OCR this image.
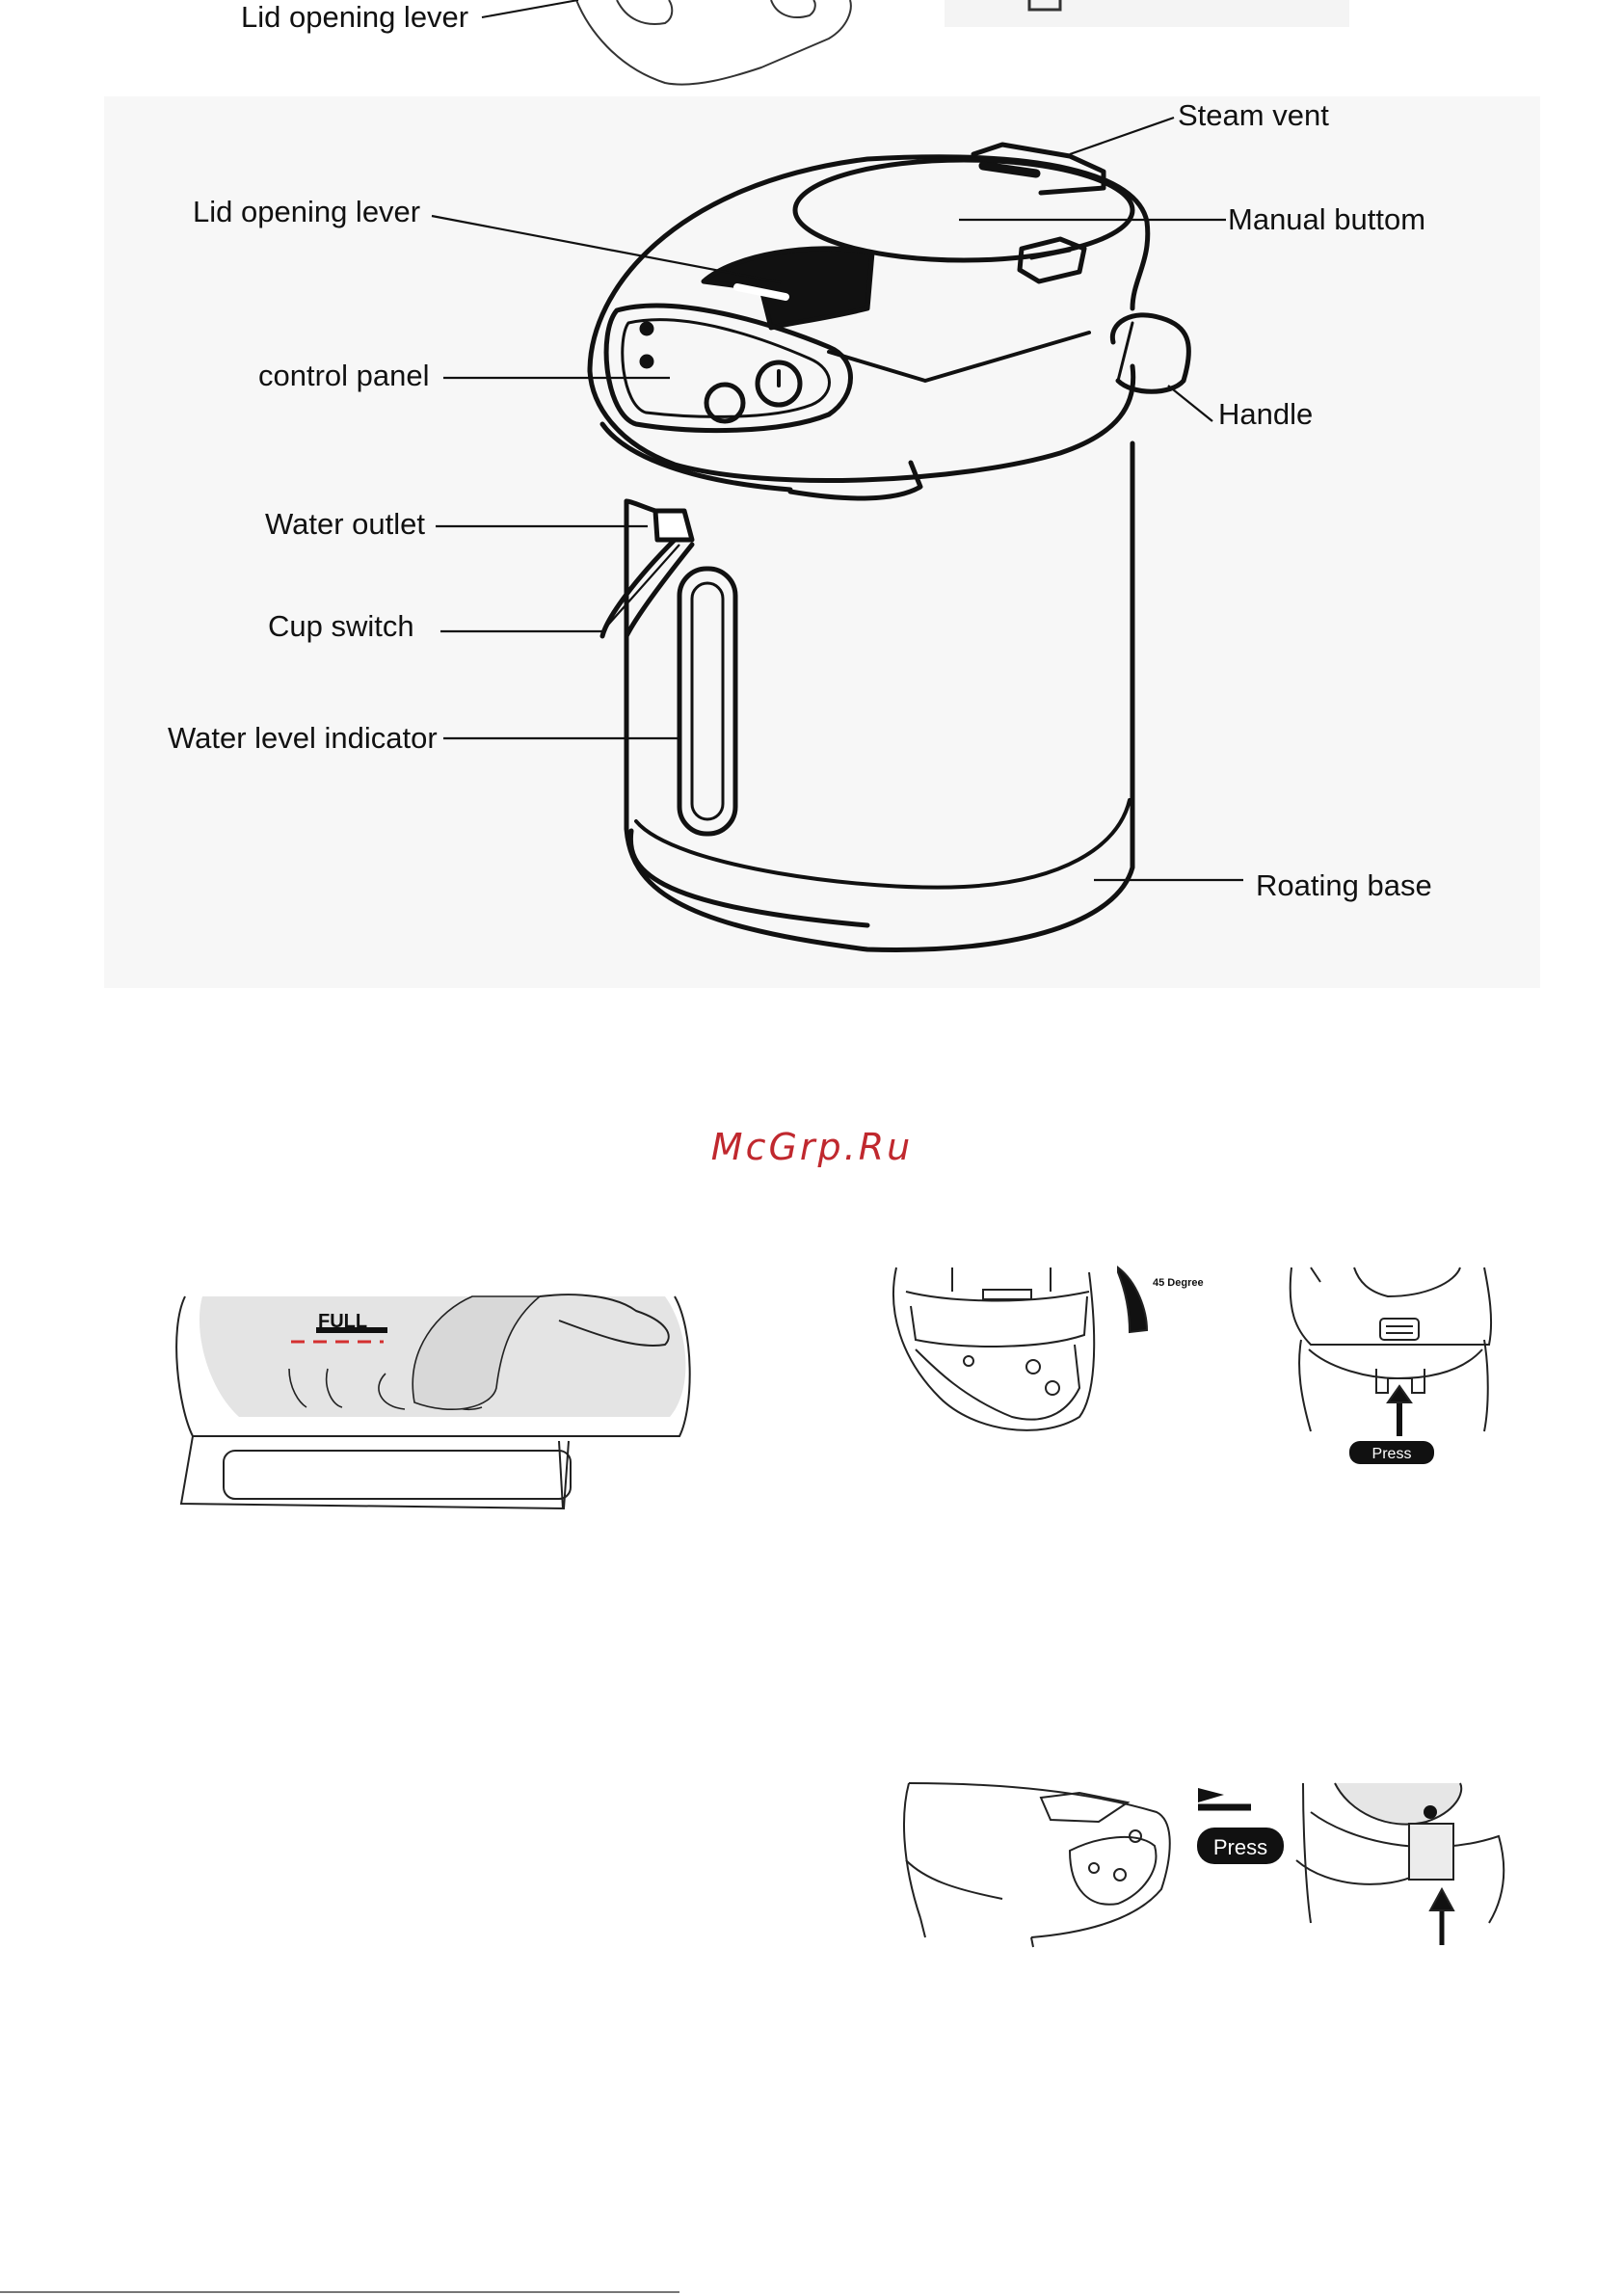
FULL
45 Degree
Press
Press
Lid opening lever
Steam vent
Lid opening lever	Manual buttom
control panel
Handle
Water outlet
Cup switch
Water level indicator
Roating base
McGrp.Ru
